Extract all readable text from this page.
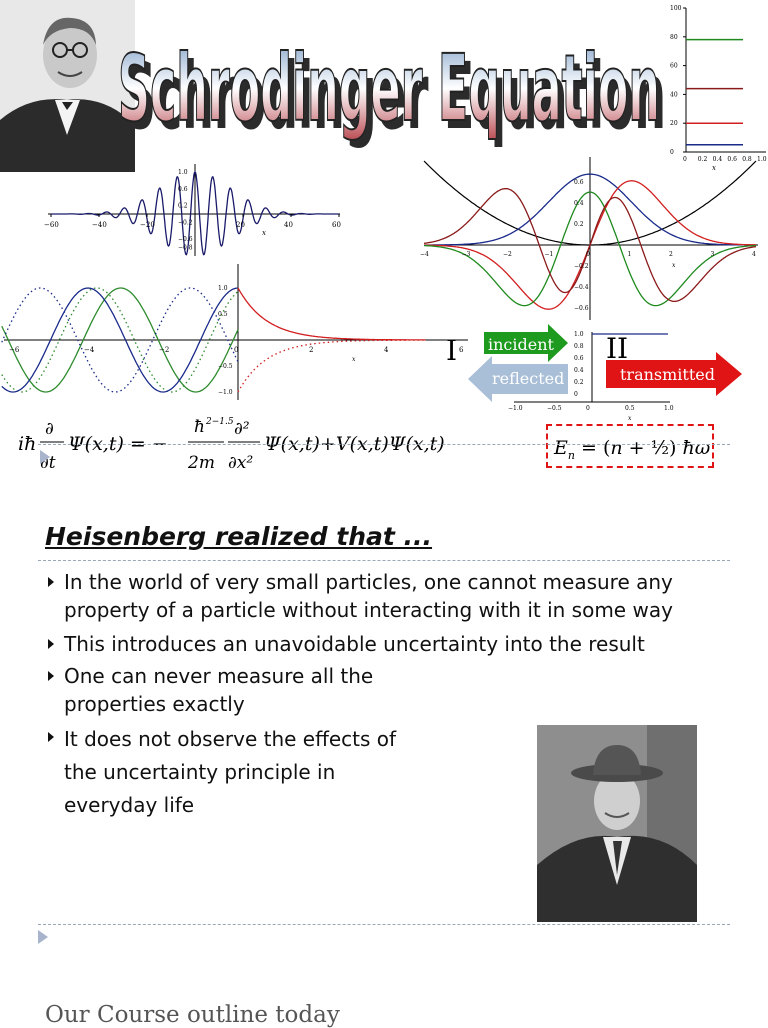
Schrodinger Equation
Schrodinger Equation
100
80
60
40
20
0
0 0.2 0.4 0.6 0.8 1.0
x
−60	−40	−20	20	40	60
1.0
0.6
0.2
−0.2
−0.6
−0.8
x
−4	−3	−2	−1	0	1	2	3	4
0.6
0.4
0.2
−0.2
−0.4
−0.6
x
−6	−4	−2	0	2	4	6
1.0
0.5
−0.5
−1.0
x	I	II
incident
reflected	transmitted
1.0
0.8
0.6
0.4
0.2
0
−1.0	−0.5	0	0.5	1.0
x
iħ
∂
∂t
Ψ(x,t) = −
ħ 2−1.5
2m
∂²
∂x²
Ψ(x,t)+V(x,t)Ψ(x,t)	$E_n = (n$ + ½) ħω
Heisenberg realized that ...
In the world of very small particles, one cannot measure any property of a particle without interacting with it in some way
This introduces an unavoidable uncertainty into the result
One can never measure all the properties exactly
It does not observe the effects of the uncertainty principle in everyday life
Our Course outline today
